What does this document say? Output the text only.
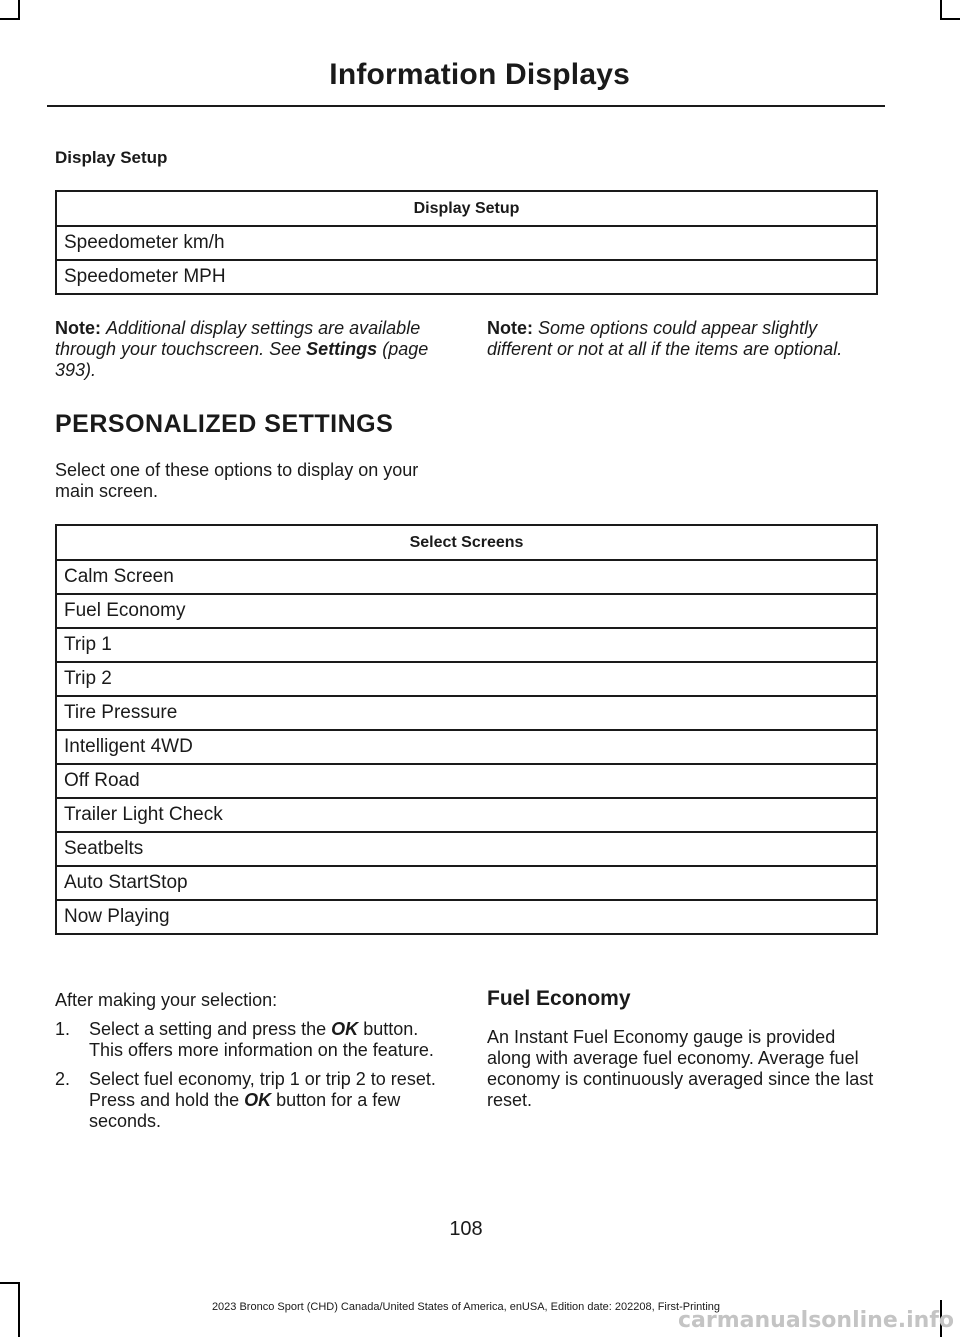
Information Displays
Display Setup
Display Setup
Speedometer km/h
Speedometer MPH
Note: Additional display settings are available through your touchscreen. See Settings (page 393).
Note: Some options could appear slightly different or not at all if the items are optional.
PERSONALIZED SETTINGS
Select one of these options to display on your main screen.
Select Screens
Calm Screen
Fuel Economy
Trip 1
Trip 2
Tire Pressure
Intelligent 4WD
Off Road
Trailer Light Check
Seatbelts
Auto StartStop
Now Playing
After making your selection:
1. Select a setting and press the OK button. This offers more information on the feature.
2. Select fuel economy, trip 1 or trip 2 to reset. Press and hold the OK button for a few seconds.
Fuel Economy
An Instant Fuel Economy gauge is provided along with average fuel economy. Average fuel economy is continuously averaged since the last reset.
108
2023 Bronco Sport (CHD) Canada/United States of America, enUSA, Edition date: 202208, First-Printing
carmanualsonline.info
